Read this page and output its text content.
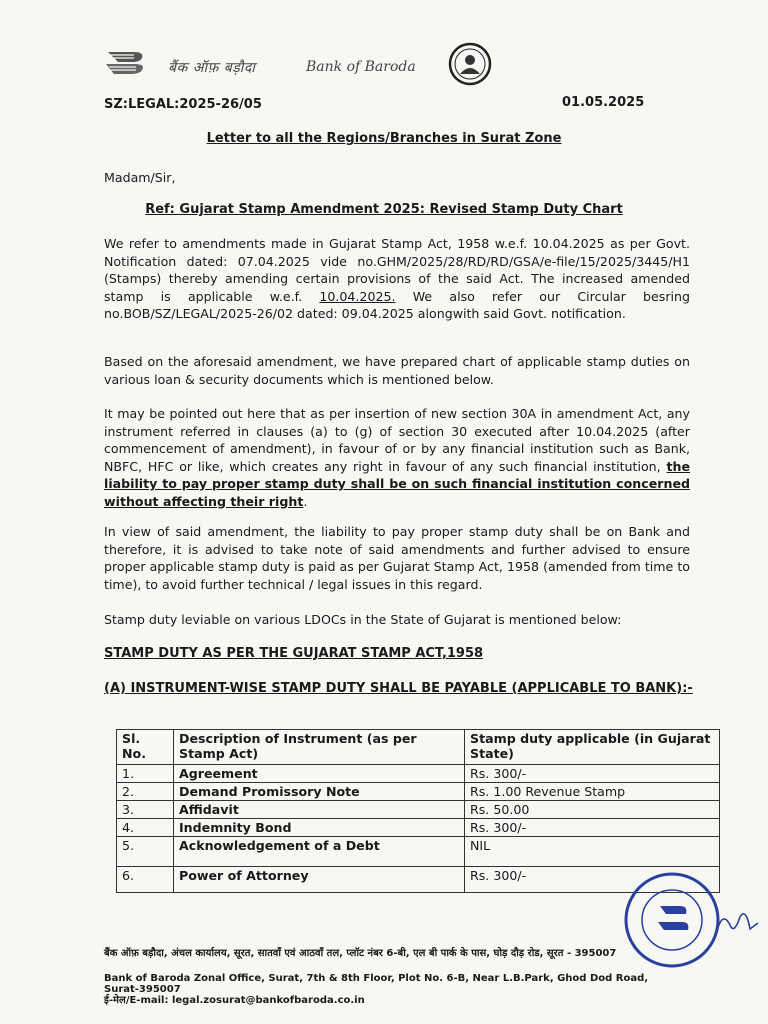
बैंक ऑफ़ बड़ौदा	Bank of Baroda
SZ:LEGAL:2025-26/05	01.05.2025
Letter to all the Regions/Branches in Surat Zone
Madam/Sir,
Ref: Gujarat Stamp Amendment 2025: Revised Stamp Duty Chart
We refer to amendments made in Gujarat Stamp Act, 1958 w.e.f. 10.04.2025 as per Govt. Notification dated: 07.04.2025 vide no.GHM/2025/28/RD/RD/GSA/e-file/15/2025/3445/H1 (Stamps) thereby amending certain provisions of the said Act. The increased amended stamp is applicable w.e.f. 10.04.2025. We also refer our Circular besring no.BOB/SZ/LEGAL/2025-26/02 dated: 09.04.2025 alongwith said Govt. notification.
Based on the aforesaid amendment, we have prepared chart of applicable stamp duties on various loan & security documents which is mentioned below.
It may be pointed out here that as per insertion of new section 30A in amendment Act, any instrument referred in clauses (a) to (g) of section 30 executed after 10.04.2025 (after commencement of amendment), in favour of or by any financial institution such as Bank, NBFC, HFC or like, which creates any right in favour of any such financial institution, the liability to pay proper stamp duty shall be on such financial institution concerned without affecting their right.
In view of said amendment, the liability to pay proper stamp duty shall be on Bank and therefore, it is advised to take note of said amendments and further advised to ensure proper applicable stamp duty is paid as per Gujarat Stamp Act, 1958 (amended from time to time), to avoid further technical / legal issues in this regard.
Stamp duty leviable on various LDOCs in the State of Gujarat is mentioned below:
STAMP DUTY AS PER THE GUJARAT STAMP ACT,1958
(A) INSTRUMENT-WISE STAMP DUTY SHALL BE PAYABLE (APPLICABLE TO BANK):-
Sl. No.	Description of Instrument (as per Stamp Act)	Stamp duty applicable (in Gujarat State)
1.	Agreement	Rs. 300/-
2.	Demand Promissory Note	Rs. 1.00 Revenue Stamp
3.	Affidavit	Rs. 50.00
4.	Indemnity Bond	Rs. 300/-
5.	Acknowledgement of a Debt	NIL
6.	Power of Attorney	Rs. 300/-
बैंक ऑफ़ बड़ौदा, अंचल कार्यालय, सूरत, सातवाँ एवं आठवाँ तल, प्लॉट नंबर 6-बी, एल बी पार्क के पास, घोड़ दौड़ रोड, सूरत - 395007
Bank of Baroda Zonal Office, Surat, 7th & 8th Floor, Plot No. 6-B, Near L.B.Park, Ghod Dod Road, Surat-395007
ई-मेल/E-mail: legal.zosurat@bankofbaroda.co.in
